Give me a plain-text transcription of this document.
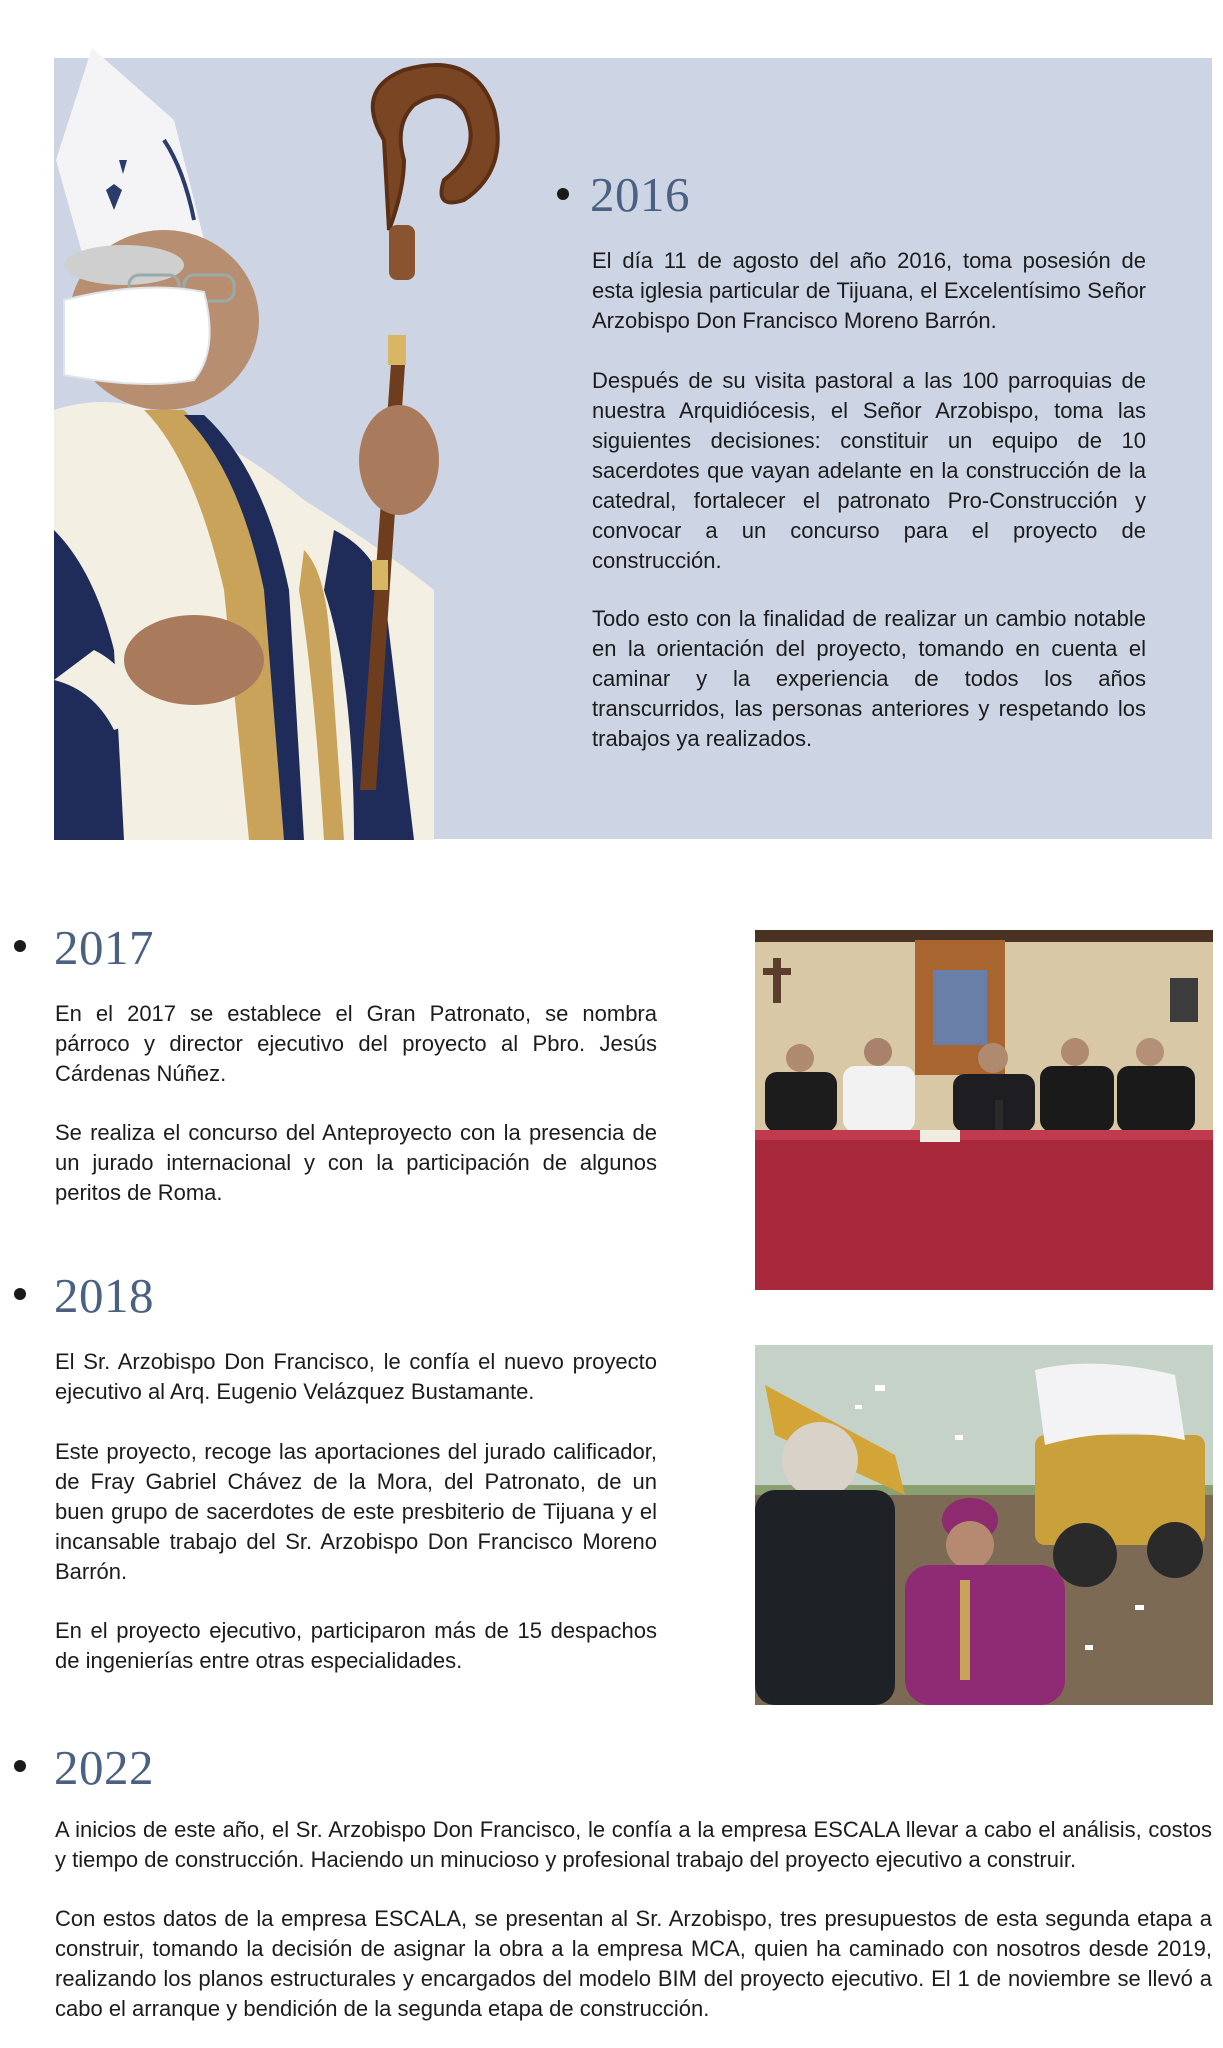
2016

El día 11 de agosto del año 2016, toma posesión de esta iglesia particular de Tijuana, el Excelentísimo Señor Arzobispo Don Francisco Moreno Barrón.

Después de su visita pastoral a las 100 parroquias de nuestra Arquidiócesis, el Señor Arzobispo, toma las siguientes decisiones: constituir un equipo de 10 sacerdotes que vayan adelante en la construcción de la catedral, fortalecer el patronato Pro-Construcción y convocar a un concurso para el proyecto de construcción.

Todo esto con la finalidad de realizar un cambio notable en la orientación del proyecto, tomando en cuenta el caminar y la experiencia de todos los años transcurridos, las personas anteriores y respetando los trabajos ya realizados.

2017

En el 2017 se establece el Gran Patronato, se nombra párroco y director ejecutivo del proyecto al Pbro. Jesús Cárdenas Núñez.

Se realiza el concurso del Anteproyecto con la presencia de un jurado internacional y con la participación de algunos peritos de Roma.

2018

El Sr. Arzobispo Don Francisco, le confía el nuevo proyecto ejecutivo al Arq. Eugenio Velázquez Bustamante.

Este proyecto, recoge las aportaciones del jurado calificador, de Fray Gabriel Chávez de la Mora, del Patronato, de un buen grupo de sacerdotes de este presbiterio de Tijuana y el incansable trabajo del Sr. Arzobispo Don Francisco Moreno Barrón.

En el proyecto ejecutivo, participaron más de 15 despachos de ingenierías entre otras especialidades.

2022

A inicios de este año, el Sr. Arzobispo Don Francisco, le confía a la empresa ESCALA llevar a cabo el análisis, costos y tiempo de construcción. Haciendo un minucioso y profesional trabajo del proyecto ejecutivo a construir.

Con estos datos de la empresa ESCALA, se presentan al Sr. Arzobispo, tres presupuestos de esta segunda etapa a construir, tomando la decisión de asignar la obra a la empresa MCA, quien ha caminado con nosotros desde 2019, realizando los planos estructurales y encargados del modelo BIM del proyecto ejecutivo. El 1 de noviembre se llevó a cabo el arranque y bendición de la segunda etapa de construcción.
